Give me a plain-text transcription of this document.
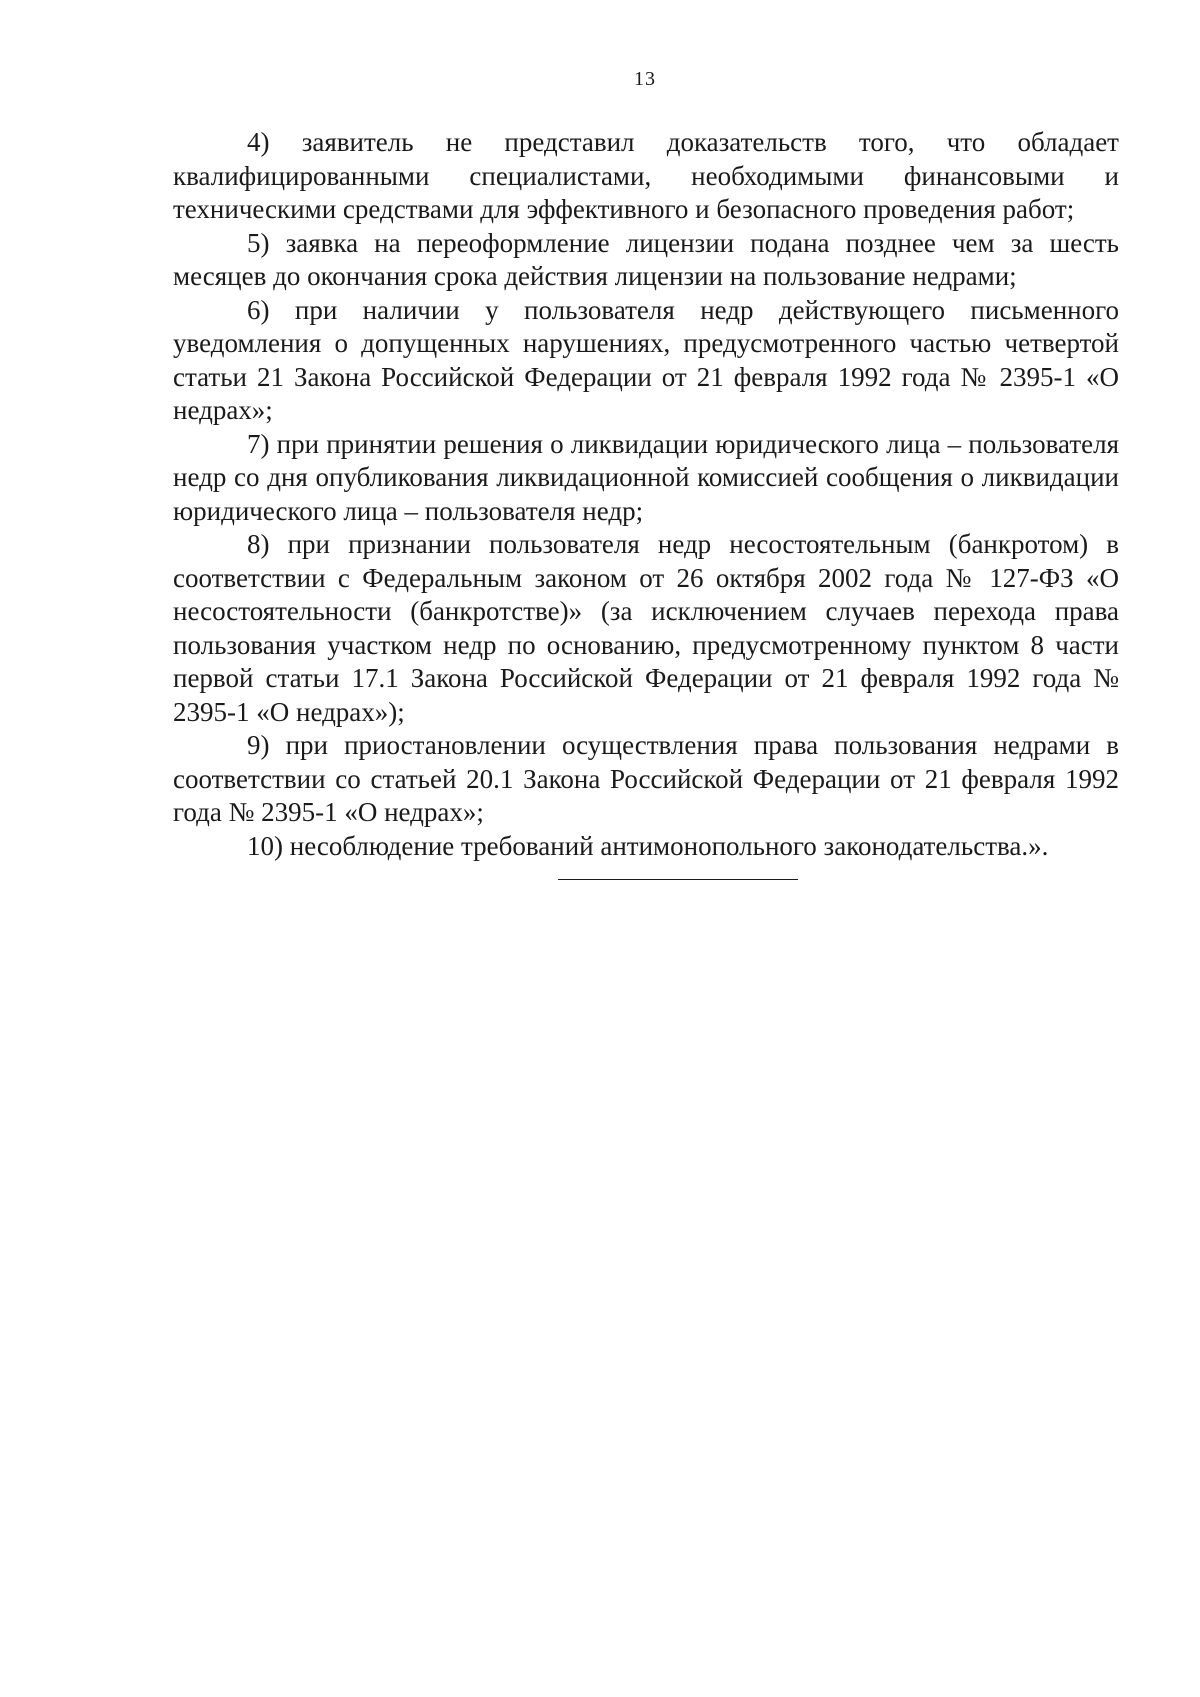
13

4) заявитель не представил доказательств того, что обладает квалифицированными специалистами, необходимыми финансовыми и техническими средствами для эффективного и безопасного проведения работ;

5) заявка на переоформление лицензии подана позднее чем за шесть месяцев до окончания срока действия лицензии на пользование недрами;

6) при наличии у пользователя недр действующего письменного уведомления о допущенных нарушениях, предусмотренного частью четвертой статьи 21 Закона Российской Федерации от 21 февраля 1992 года № 2395-1 «О недрах»;

7) при принятии решения о ликвидации юридического лица – пользователя недр со дня опубликования ликвидационной комиссией сообщения о ликвидации юридического лица – пользователя недр;

8) при признании пользователя недр несостоятельным (банкротом) в соответствии с Федеральным законом от 26 октября 2002 года № 127-ФЗ «О несостоятельности (банкротстве)» (за исключением случаев перехода права пользования участком недр по основанию, предусмотренному пунктом 8 части первой статьи 17.1 Закона Российской Федерации от 21 февраля 1992 года № 2395-1 «О недрах»);

9) при приостановлении осуществления права пользования недрами в соответствии со статьей 20.1 Закона Российской Федерации от 21 февраля 1992 года № 2395-1 «О недрах»;

10) несоблюдение требований антимонопольного законодательства.».
